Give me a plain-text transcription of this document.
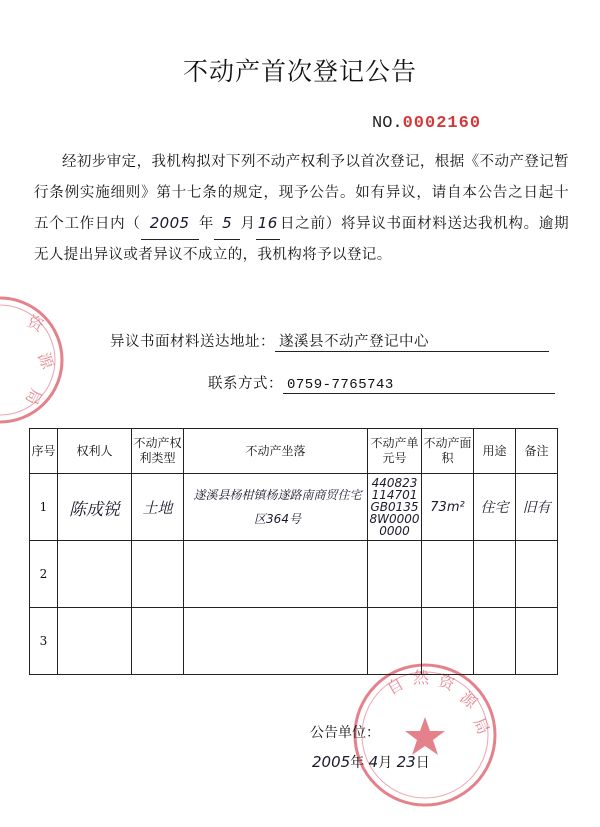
资
源
局
自 然 资
源
局
不动产首次登记公告
NO.0002160
经初步审定，我机构拟对下列不动产权利予以首次登记，根据《不动产登记暂行条例实施细则》第十七条的规定，现予公告。如有异议，请自本公告之日起十五个工作日内（ 2005 年 5 月 16 日之前）将异议书面材料送达我机构。逾期无人提出异议或者异议不成立的，我机构将予以登记。
异议书面材料送达地址： 遂溪县不动产登记中心
联系方式： 0759-7765743
序号	权利人	不动产权利类型	不动产坐落	不动产单元号	不动产面积	用途	备注
1	陈成锐	土地	遂溪县杨柑镇杨遂路南商贸住宅区364号	440823114701GB01358W00000000	73m²	住宅	旧有
2							
3							
公告单位：
2005年 4月 23日
